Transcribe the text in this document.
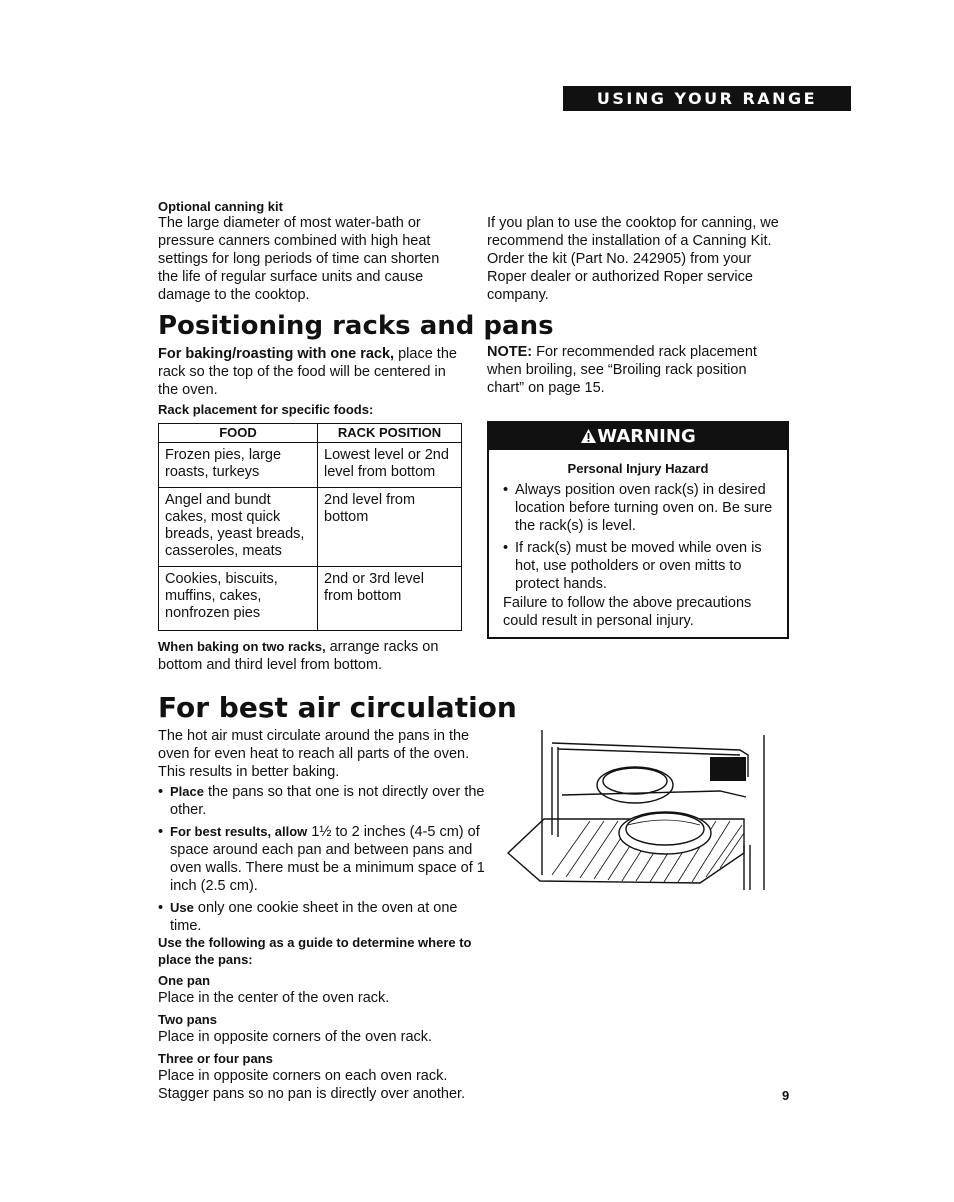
USING YOUR RANGE
Optional canning kit
The large diameter of most water-bath or pressure canners combined with high heat settings for long periods of time can shorten the life of regular surface units and cause damage to the cooktop.
If you plan to use the cooktop for canning, we recommend the installation of a Canning Kit. Order the kit (Part No. 242905) from your Roper dealer or authorized Roper service company.
Positioning racks and pans
For baking/roasting with one rack, place the rack so the top of the food will be centered in the oven.
Rack placement for specific foods:
NOTE: For recommended rack placement when broiling, see “Broiling rack position chart” on page 15.
FOOD	RACK POSITION
Frozen pies, large roasts, turkeys	Lowest level or 2nd level from bottom
Angel and bundt cakes, most quick breads, yeast breads, casseroles, meats	2nd level from bottom
Cookies, biscuits, muffins, cakes, nonfrozen pies	2nd or 3rd level from bottom
When baking on two racks, arrange racks on bottom and third level from bottom.
WARNING
Personal Injury Hazard
• Always position oven rack(s) in desired location before turning oven on. Be sure the rack(s) is level.
• If rack(s) must be moved while oven is hot, use potholders or oven mitts to protect hands.
Failure to follow the above precautions could result in personal injury.
For best air circulation
The hot air must circulate around the pans in the oven for even heat to reach all parts of the oven. This results in better baking.
• Place the pans so that one is not directly over the other.
• For best results, allow 1½ to 2 inches (4-5 cm) of space around each pan and between pans and oven walls. There must be a minimum space of 1 inch (2.5 cm).
• Use only one cookie sheet in the oven at one time.
Use the following as a guide to determine where to place the pans:
One pan
Place in the center of the oven rack.
Two pans
Place in opposite corners of the oven rack.
Three or four pans
Place in opposite corners on each oven rack. Stagger pans so no pan is directly over another.	9
